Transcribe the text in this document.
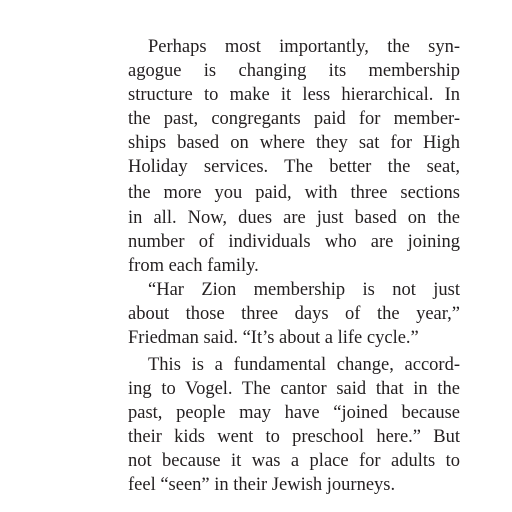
Perhaps most importantly, the syn-
agogue is changing its membership
structure to make it less hierarchical. In
the past, congregants paid for member-
ships based on where they sat for High
Holiday services. The better the seat,
the more you paid, with three sections
in all. Now, dues are just based on the
number of individuals who are joining
from each family.
“Har Zion membership is not just
about those three days of the year,”
Friedman said. “It’s about a life cycle.”
This is a fundamental change, accord-
ing to Vogel. The cantor said that in the
past, people may have “joined because
their kids went to preschool here.” But
not because it was a place for adults to
feel “seen” in their Jewish journeys.
